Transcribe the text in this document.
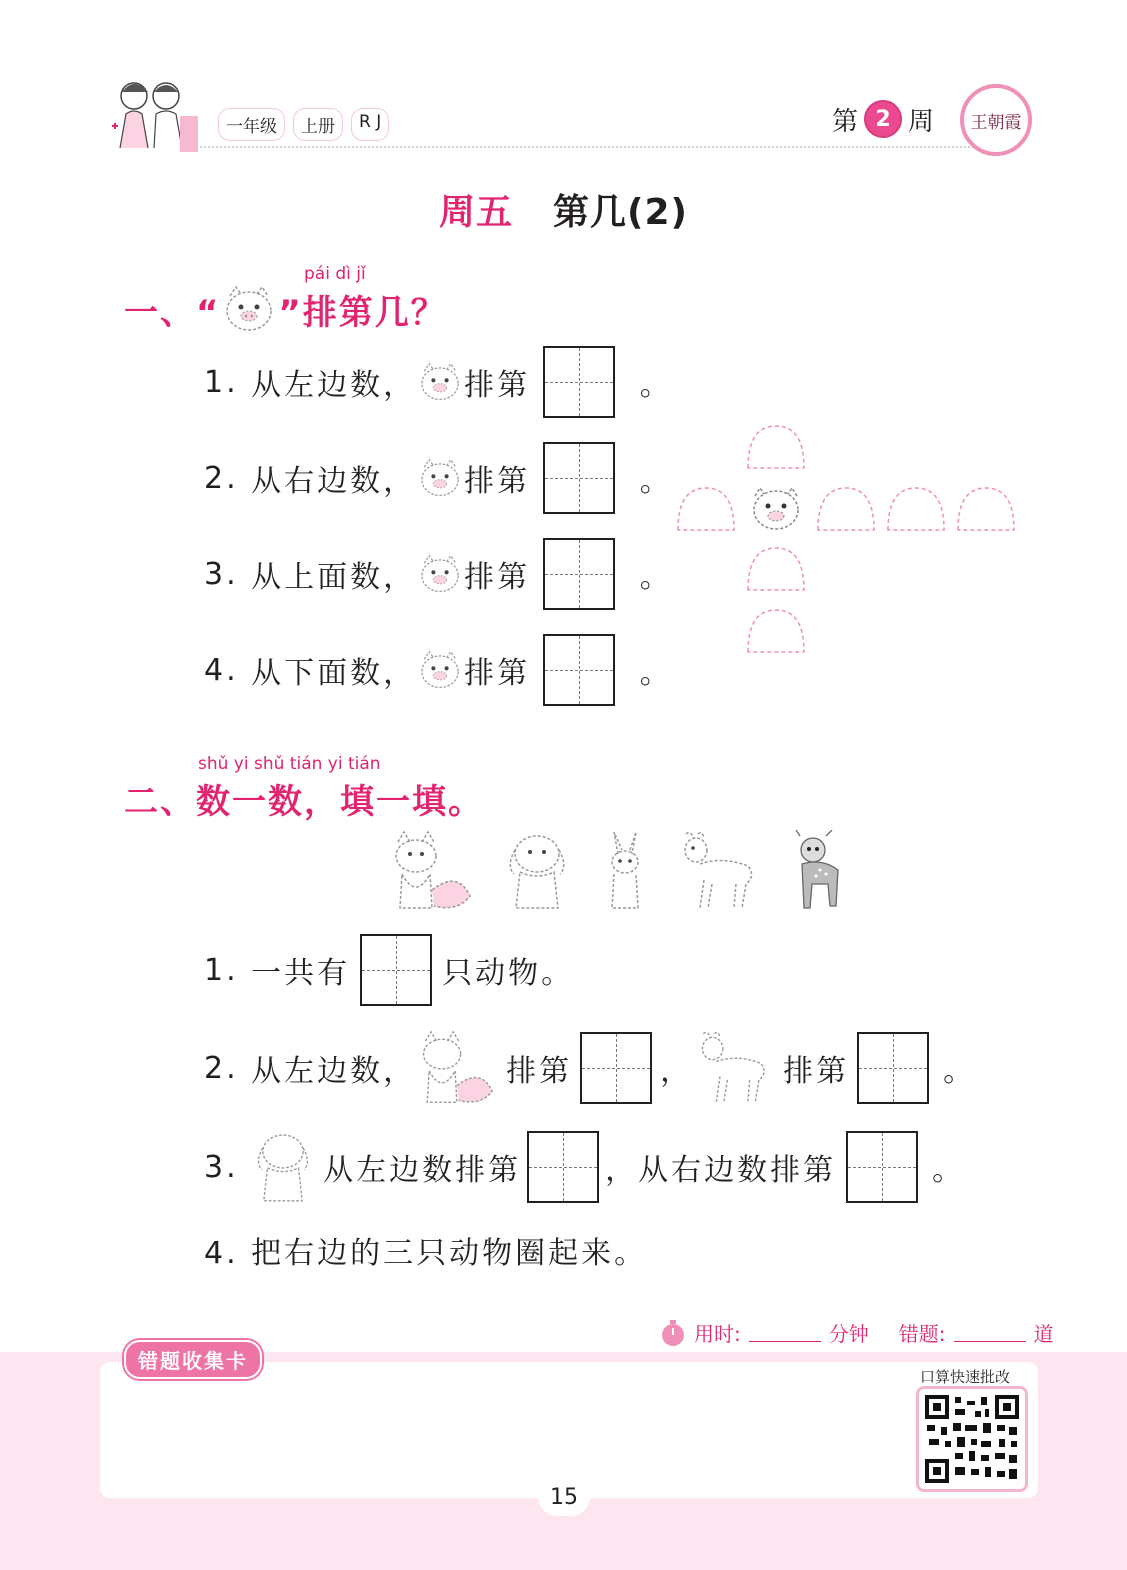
一年级	上册	R J	第 2 周 王朝霞
周五 第几(2)
pái dì jǐ
一、“ ”排第几？
1.
从左边数， 排第

	。
2.
从右边数， 排第

	。
3.
从上面数， 排第

	。
4.
从下面数， 排第

	。
shǔ yi shǔ tián yi tián
二、数一数，填一填。
1.
一共有	只动物。
2.
从左边数，	排第	，	排第	。
3.
	从左边数排第	，从右边数排第	。
4. 把右边的三只动物圈起来。
用时:	分钟 错题:	道
错题收集卡
口算快速批改
15
